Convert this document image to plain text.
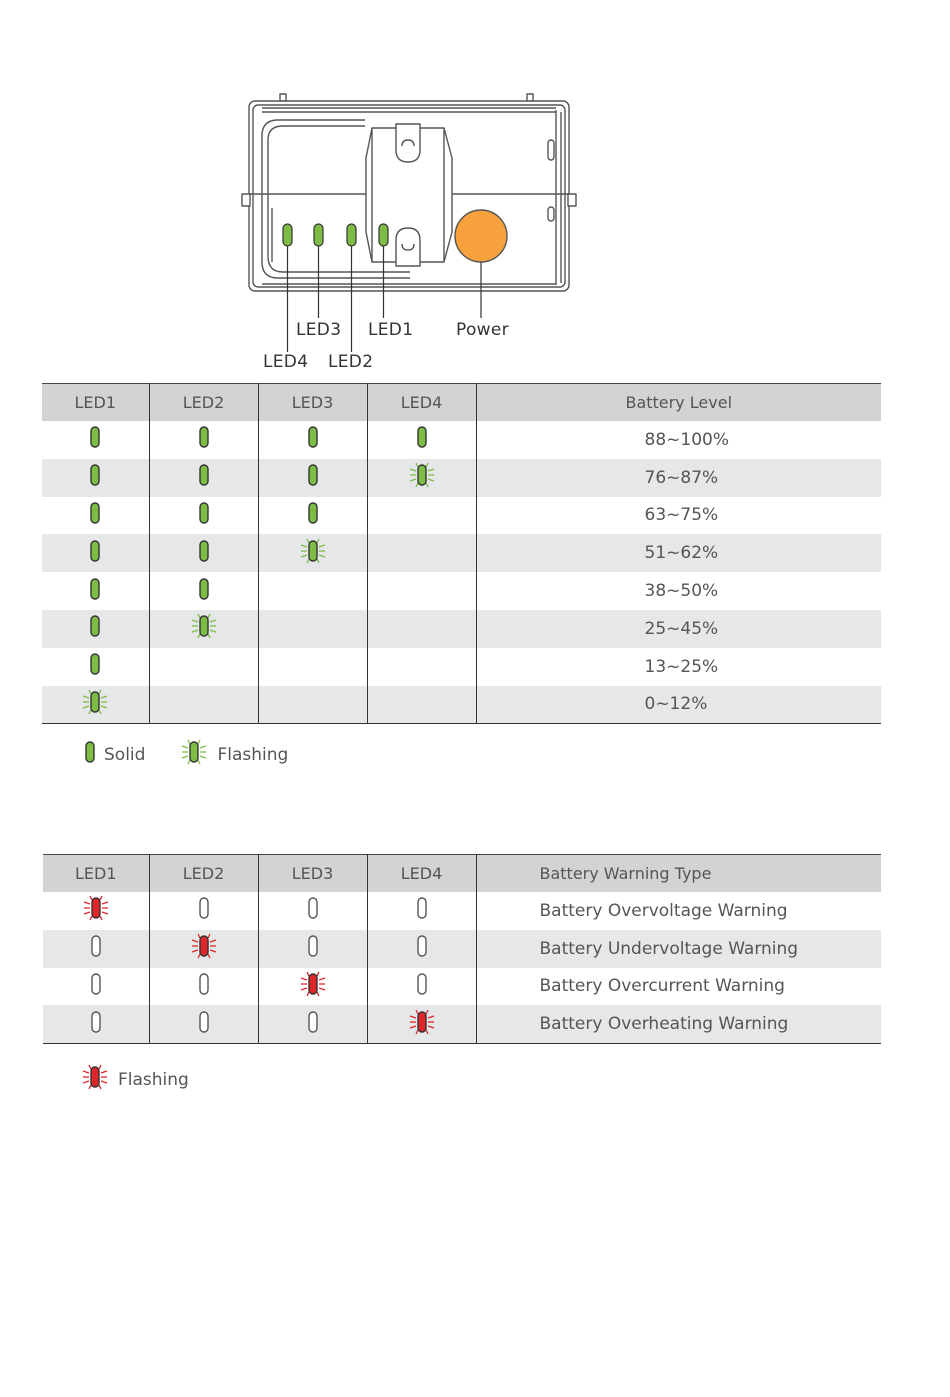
LED3 LED1	Power
LED4 LED2
LED1	LED2	LED3	LED4	Battery Level
				88~100%
				76~87%
				63~75%
				51~62%
				38~50%
				25~45%
				13~25%
				0~12%
Solid	Flashing
LED1	LED2	LED3	LED4	Battery Warning Type
				Battery Overvoltage Warning
				Battery Undervoltage Warning
				Battery Overcurrent Warning
				Battery Overheating Warning
Flashing
